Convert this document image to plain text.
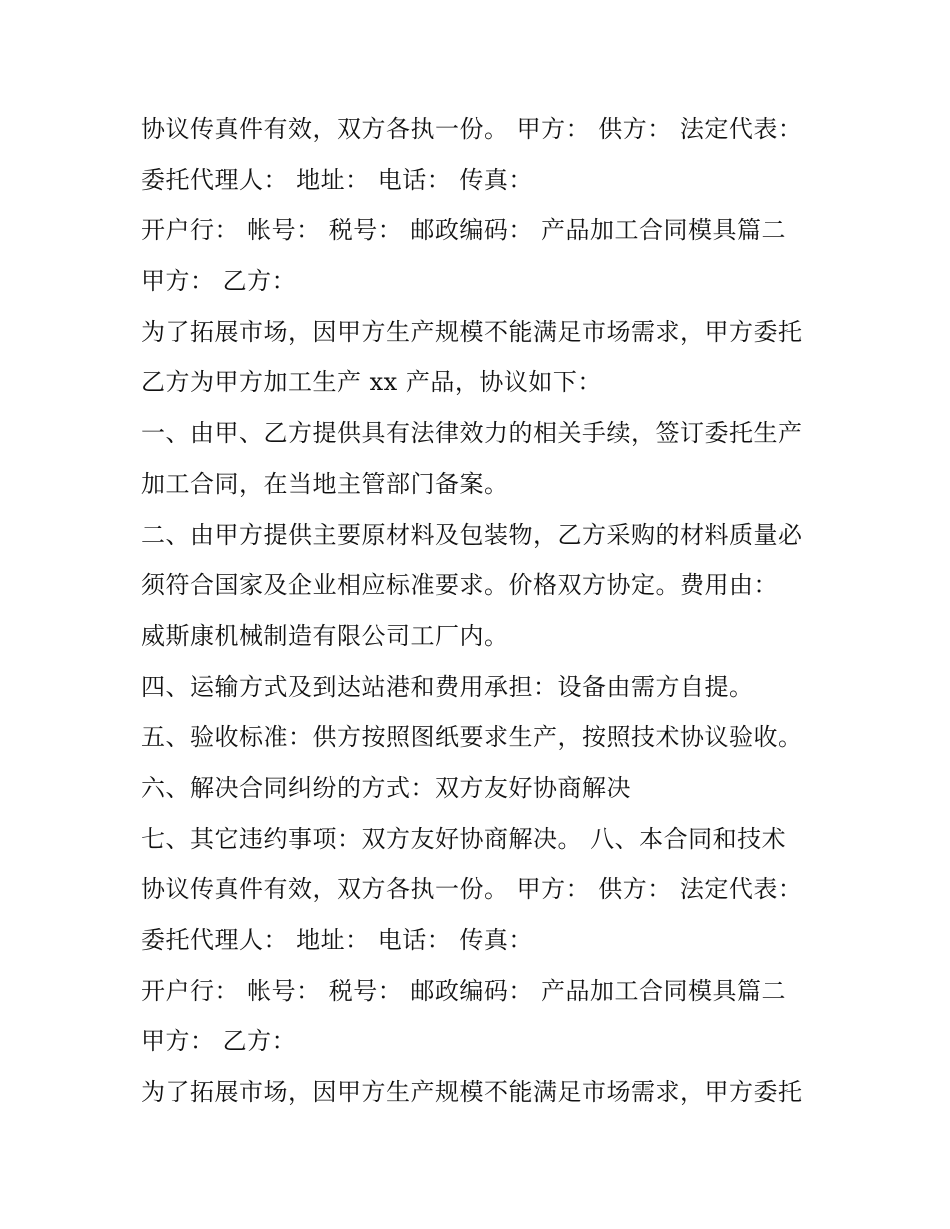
协议传真件有效，双方各执一份。 甲方： 供方： 法定代表：
委托代理人： 地址： 电话： 传真：
开户行： 帐号： 税号： 邮政编码： 产品加工合同模具篇二
甲方： 乙方：
为了拓展市场，因甲方生产规模不能满足市场需求，甲方委托
乙方为甲方加工生产 xx 产品，协议如下：
一、由甲、乙方提供具有法律效力的相关手续，签订委托生产
加工合同，在当地主管部门备案。
二、由甲方提供主要原材料及包装物，乙方采购的材料质量必
须符合国家及企业相应标准要求。价格双方协定。费用由：
威斯康机械制造有限公司工厂内。
四、运输方式及到达站港和费用承担：设备由需方自提。
五、验收标准：供方按照图纸要求生产，按照技术协议验收。
六、解决合同纠纷的方式：双方友好协商解决
七、其它违约事项：双方友好协商解决。 八、本合同和技术
协议传真件有效，双方各执一份。 甲方： 供方： 法定代表：
委托代理人： 地址： 电话： 传真：
开户行： 帐号： 税号： 邮政编码： 产品加工合同模具篇二
甲方： 乙方：
为了拓展市场，因甲方生产规模不能满足市场需求，甲方委托
